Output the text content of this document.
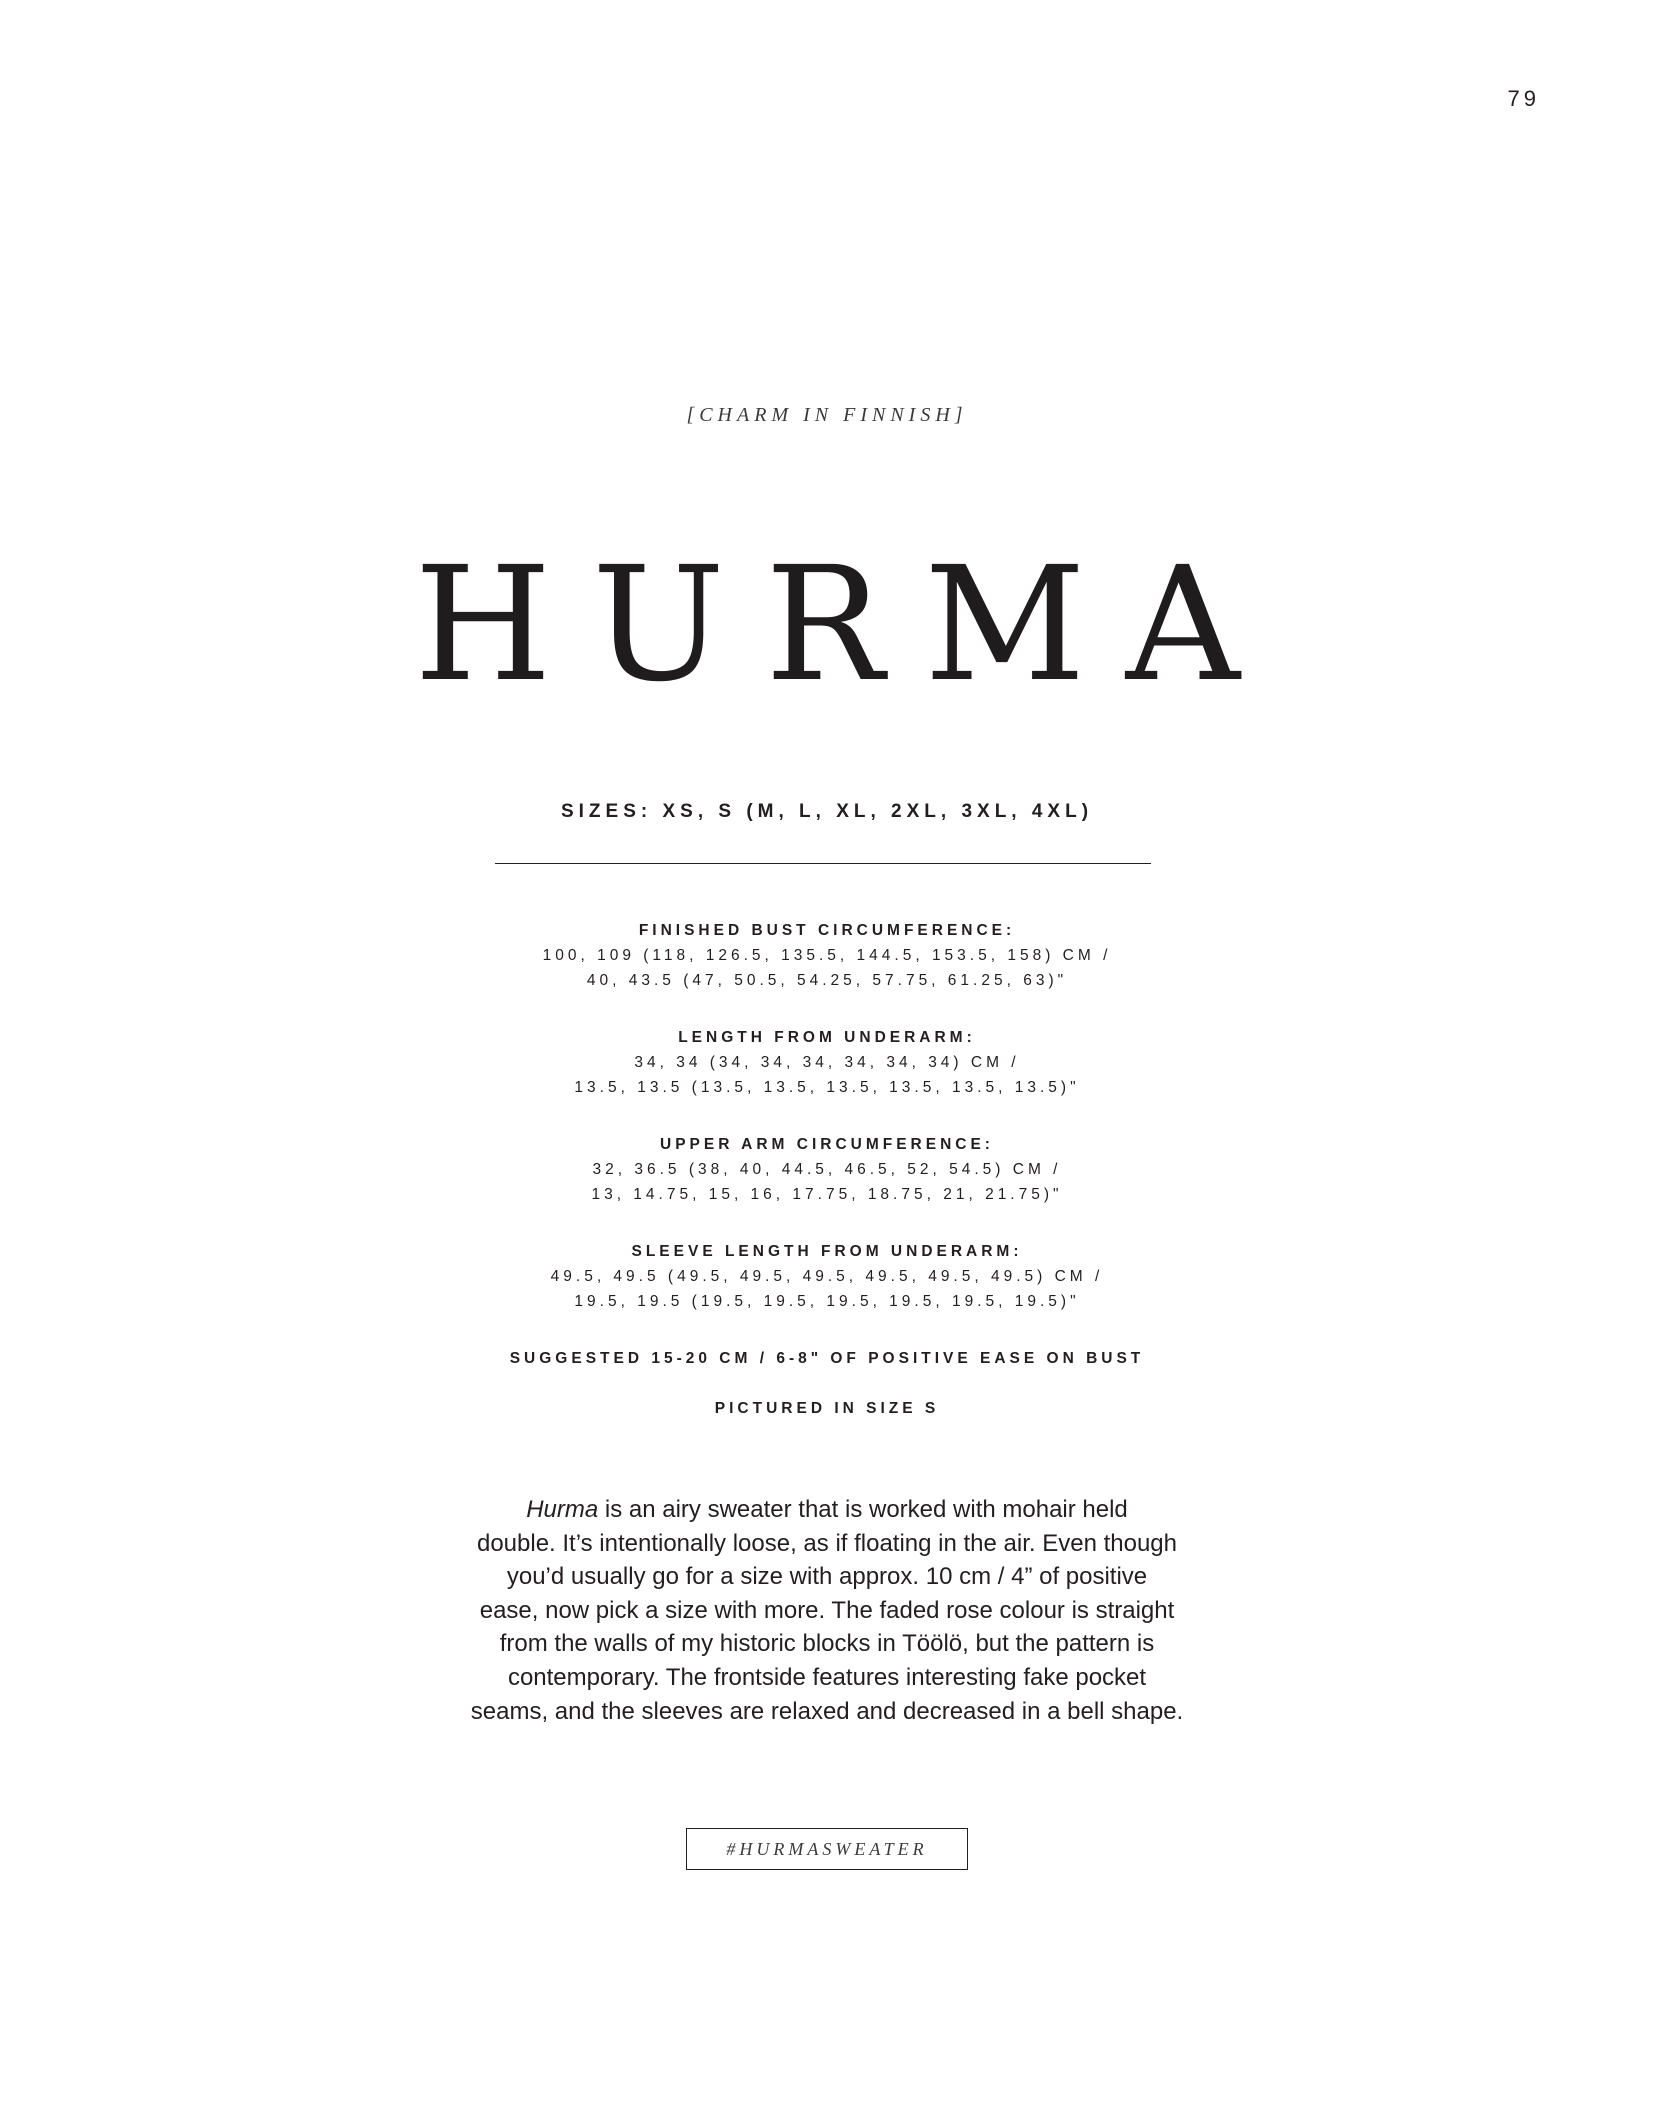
79
[CHARM IN FINNISH]
HURMA
SIZES: XS, S (M, L, XL, 2XL, 3XL, 4XL)
FINISHED BUST CIRCUMFERENCE:
100, 109 (118, 126.5, 135.5, 144.5, 153.5, 158) CM /
40, 43.5 (47, 50.5, 54.25, 57.75, 61.25, 63)"
LENGTH FROM UNDERARM:
34, 34 (34, 34, 34, 34, 34, 34) CM /
13.5, 13.5 (13.5, 13.5, 13.5, 13.5, 13.5, 13.5)"
UPPER ARM CIRCUMFERENCE:
32, 36.5 (38, 40, 44.5, 46.5, 52, 54.5) CM /
13, 14.75, 15, 16, 17.75, 18.75, 21, 21.75)"
SLEEVE LENGTH FROM UNDERARM:
49.5, 49.5 (49.5, 49.5, 49.5, 49.5, 49.5, 49.5) CM /
19.5, 19.5 (19.5, 19.5, 19.5, 19.5, 19.5, 19.5)"
SUGGESTED 15-20 CM / 6-8" OF POSITIVE EASE ON BUST
PICTURED IN SIZE S
Hurma is an airy sweater that is worked with mohair held
double. It’s intentionally loose, as if floating in the air. Even though
you’d usually go for a size with approx. 10 cm / 4” of positive
ease, now pick a size with more. The faded rose colour is straight
from the walls of my historic blocks in Töölö, but the pattern is
contemporary. The frontside features interesting fake pocket
seams, and the sleeves are relaxed and decreased in a bell shape.
#HURMASWEATER
